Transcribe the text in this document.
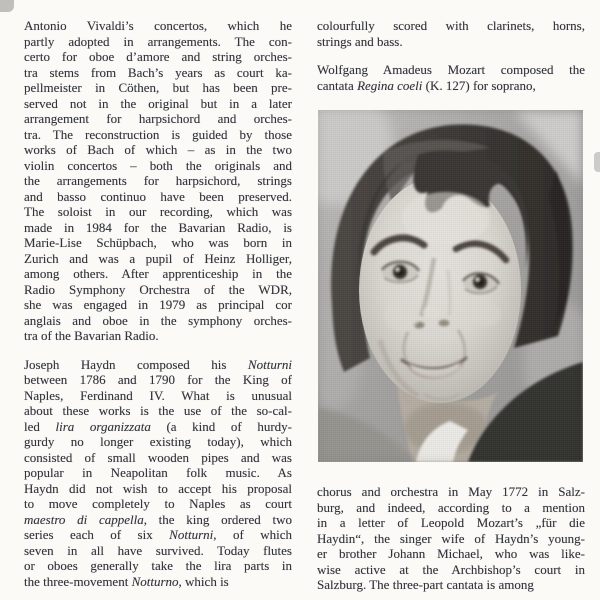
Antonio Vivaldi’s concertos, which he
partly adopted in arrangements. The con-
certo for oboe d’amore and string orches-
tra stems from Bach’s years as court ka-
pellmeister in Cöthen, but has been pre-
served not in the original but in a later
arrangement for harpsichord and orches-
tra. The reconstruction is guided by those
works of Bach of which – as in the two
violin concertos – both the originals and
the arrangements for harpsichord, strings
and basso continuo have been preserved.
The soloist in our recording, which was
made in 1984 for the Bavarian Radio, is
Marie-Lise Schüpbach, who was born in
Zurich and was a pupil of Heinz Holliger,
among others. After apprenticeship in the
Radio Symphony Orchestra of the WDR,
she was engaged in 1979 as principal cor
anglais and oboe in the symphony orches-
tra of the Bavarian Radio.
Joseph Haydn composed his Notturni
between 1786 and 1790 for the King of
Naples, Ferdinand IV. What is unusual
about these works is the use of the so-cal-
led lira organizzata (a kind of hurdy-
gurdy no longer existing today), which
consisted of small wooden pipes and was
popular in Neapolitan folk music. As
Haydn did not wish to accept his proposal
to move completely to Naples as court
maestro di cappella, the king ordered two
series each of six Notturni, of which
seven in all have survived. Today flutes
or oboes generally take the lira parts in
the three-movement Notturno, which is
colourfully scored with clarinets, horns,
strings and bass.
Wolfgang Amadeus Mozart composed the
cantata Regina coeli (K. 127) for soprano,
chorus and orchestra in May 1772 in Salz-
burg, and indeed, according to a mention
in a letter of Leopold Mozart’s „für die
Haydin“, the singer wife of Haydn’s young-
er brother Johann Michael, who was like-
wise active at the Archbishop’s court in
Salzburg. The three-part cantata is among
